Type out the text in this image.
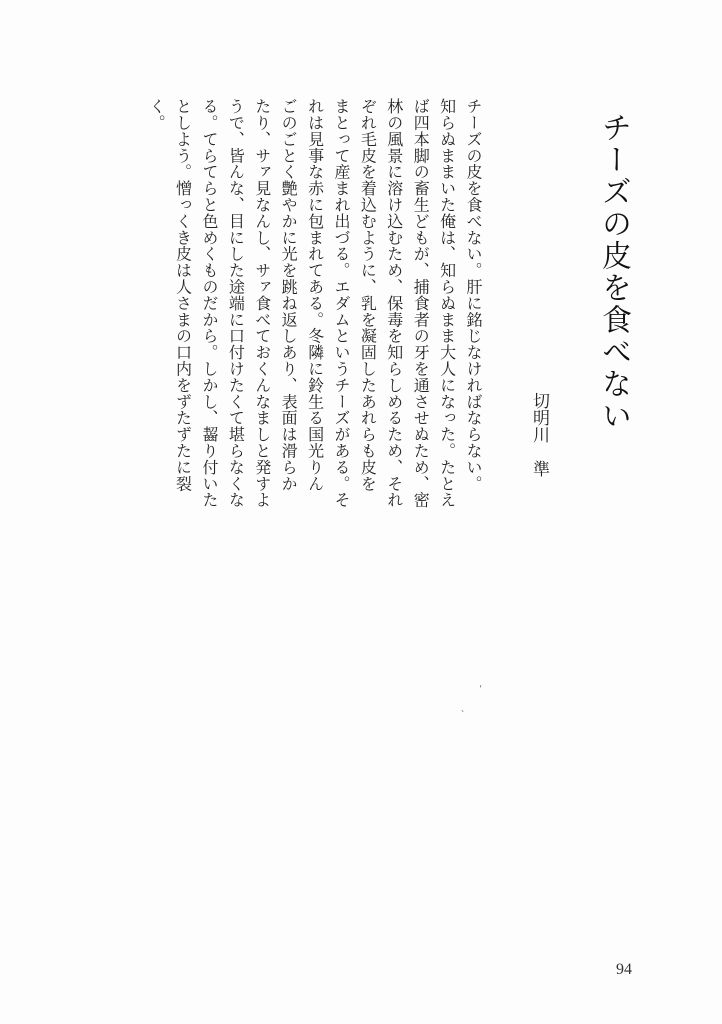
チーズの皮を食べない
切明川　準
チーズの皮を食べない。肝に銘じなければならない。
知らぬままいた俺は、知らぬまま大人になった。たとえ
ば四本脚の畜生どもが、捕食者の牙を通させぬため、密
林の風景に溶け込むため、保毒を知らしめるため、それ
ぞれ毛皮を着込むように、乳を凝固したあれらも皮を
まとって産まれ出づる。エダムというチーズがある。そ
れは見事な赤に包まれてある。冬隣に鈴生る国光りん
ごのごとく艶やかに光を跳ね返しあり、表面は滑らか
たり、サァ見なんし、サァ食べておくんなましと発すよ
うで、皆んな、目にした途端に口付けたくて堪らなくな
る。てらてらと色めくものだから。しかし、齧り付いた
としよう。憎っくき皮は人さまの口内をずたずたに裂
く。
′
、
94
